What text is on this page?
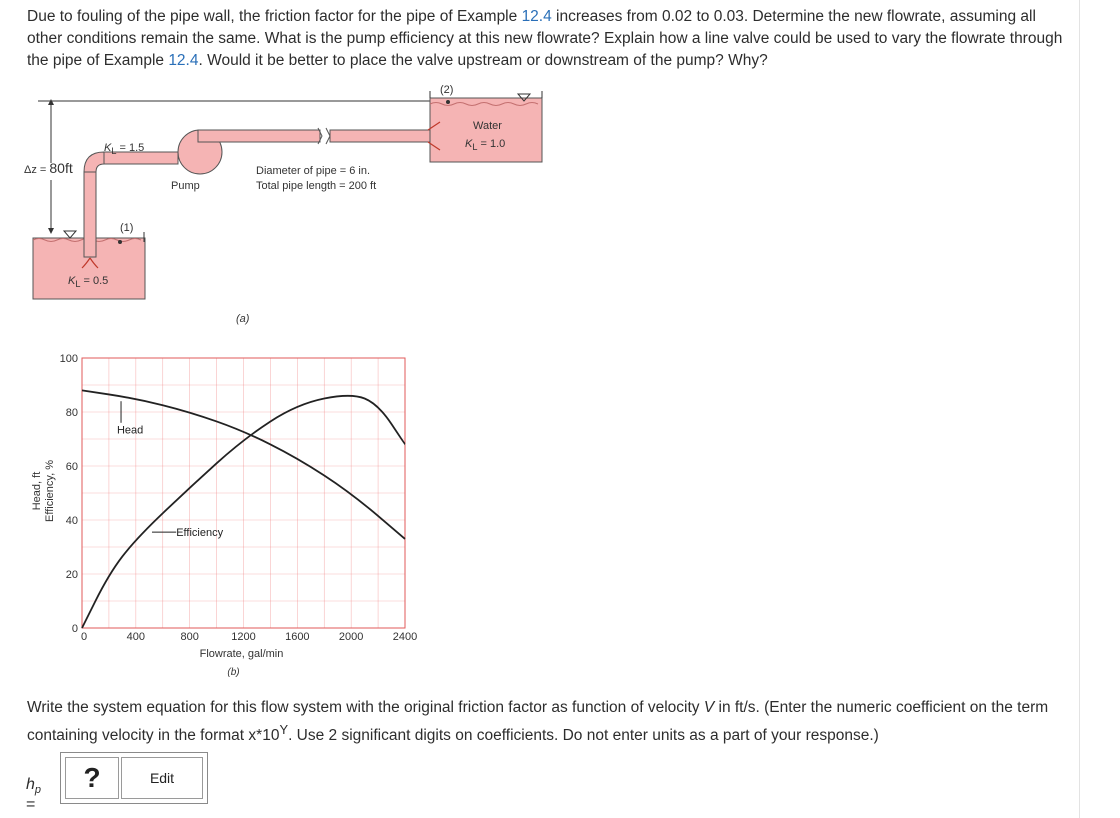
Due to fouling of the pipe wall, the friction factor for the pipe of Example 12.4 increases from 0.02 to 0.03. Determine the new flowrate, assuming all other conditions remain the same. What is the pump efficiency at this new flowrate? Explain how a line valve could be used to vary the flowrate through the pipe of Example 12.4. Would it be better to place the valve upstream or downstream of the pump? Why?
(2)
Water
$K_L = 1.0$
$K_L = 1.5$
Δz = 80ft
Pump
Diameter of pipe = 6 in.
Total pipe length = 200 ft
(1)
$K_L = 0.5$
(a)
0	400	800	1200	1600	2000	2400
0
20
40
60
80
100
Flowrate, gal/min
Head, ft Efficiency, %
(b)
Head
Efficiency
Write the system equation for this flow system with the original friction factor as function of velocity V in ft/s. (Enter the numeric coefficient on the term containing velocity in the format $x*10^Y$. Use 2 significant digits on coefficients. Do not enter units as a part of your response.)
$h_p$ =
?	Edit
